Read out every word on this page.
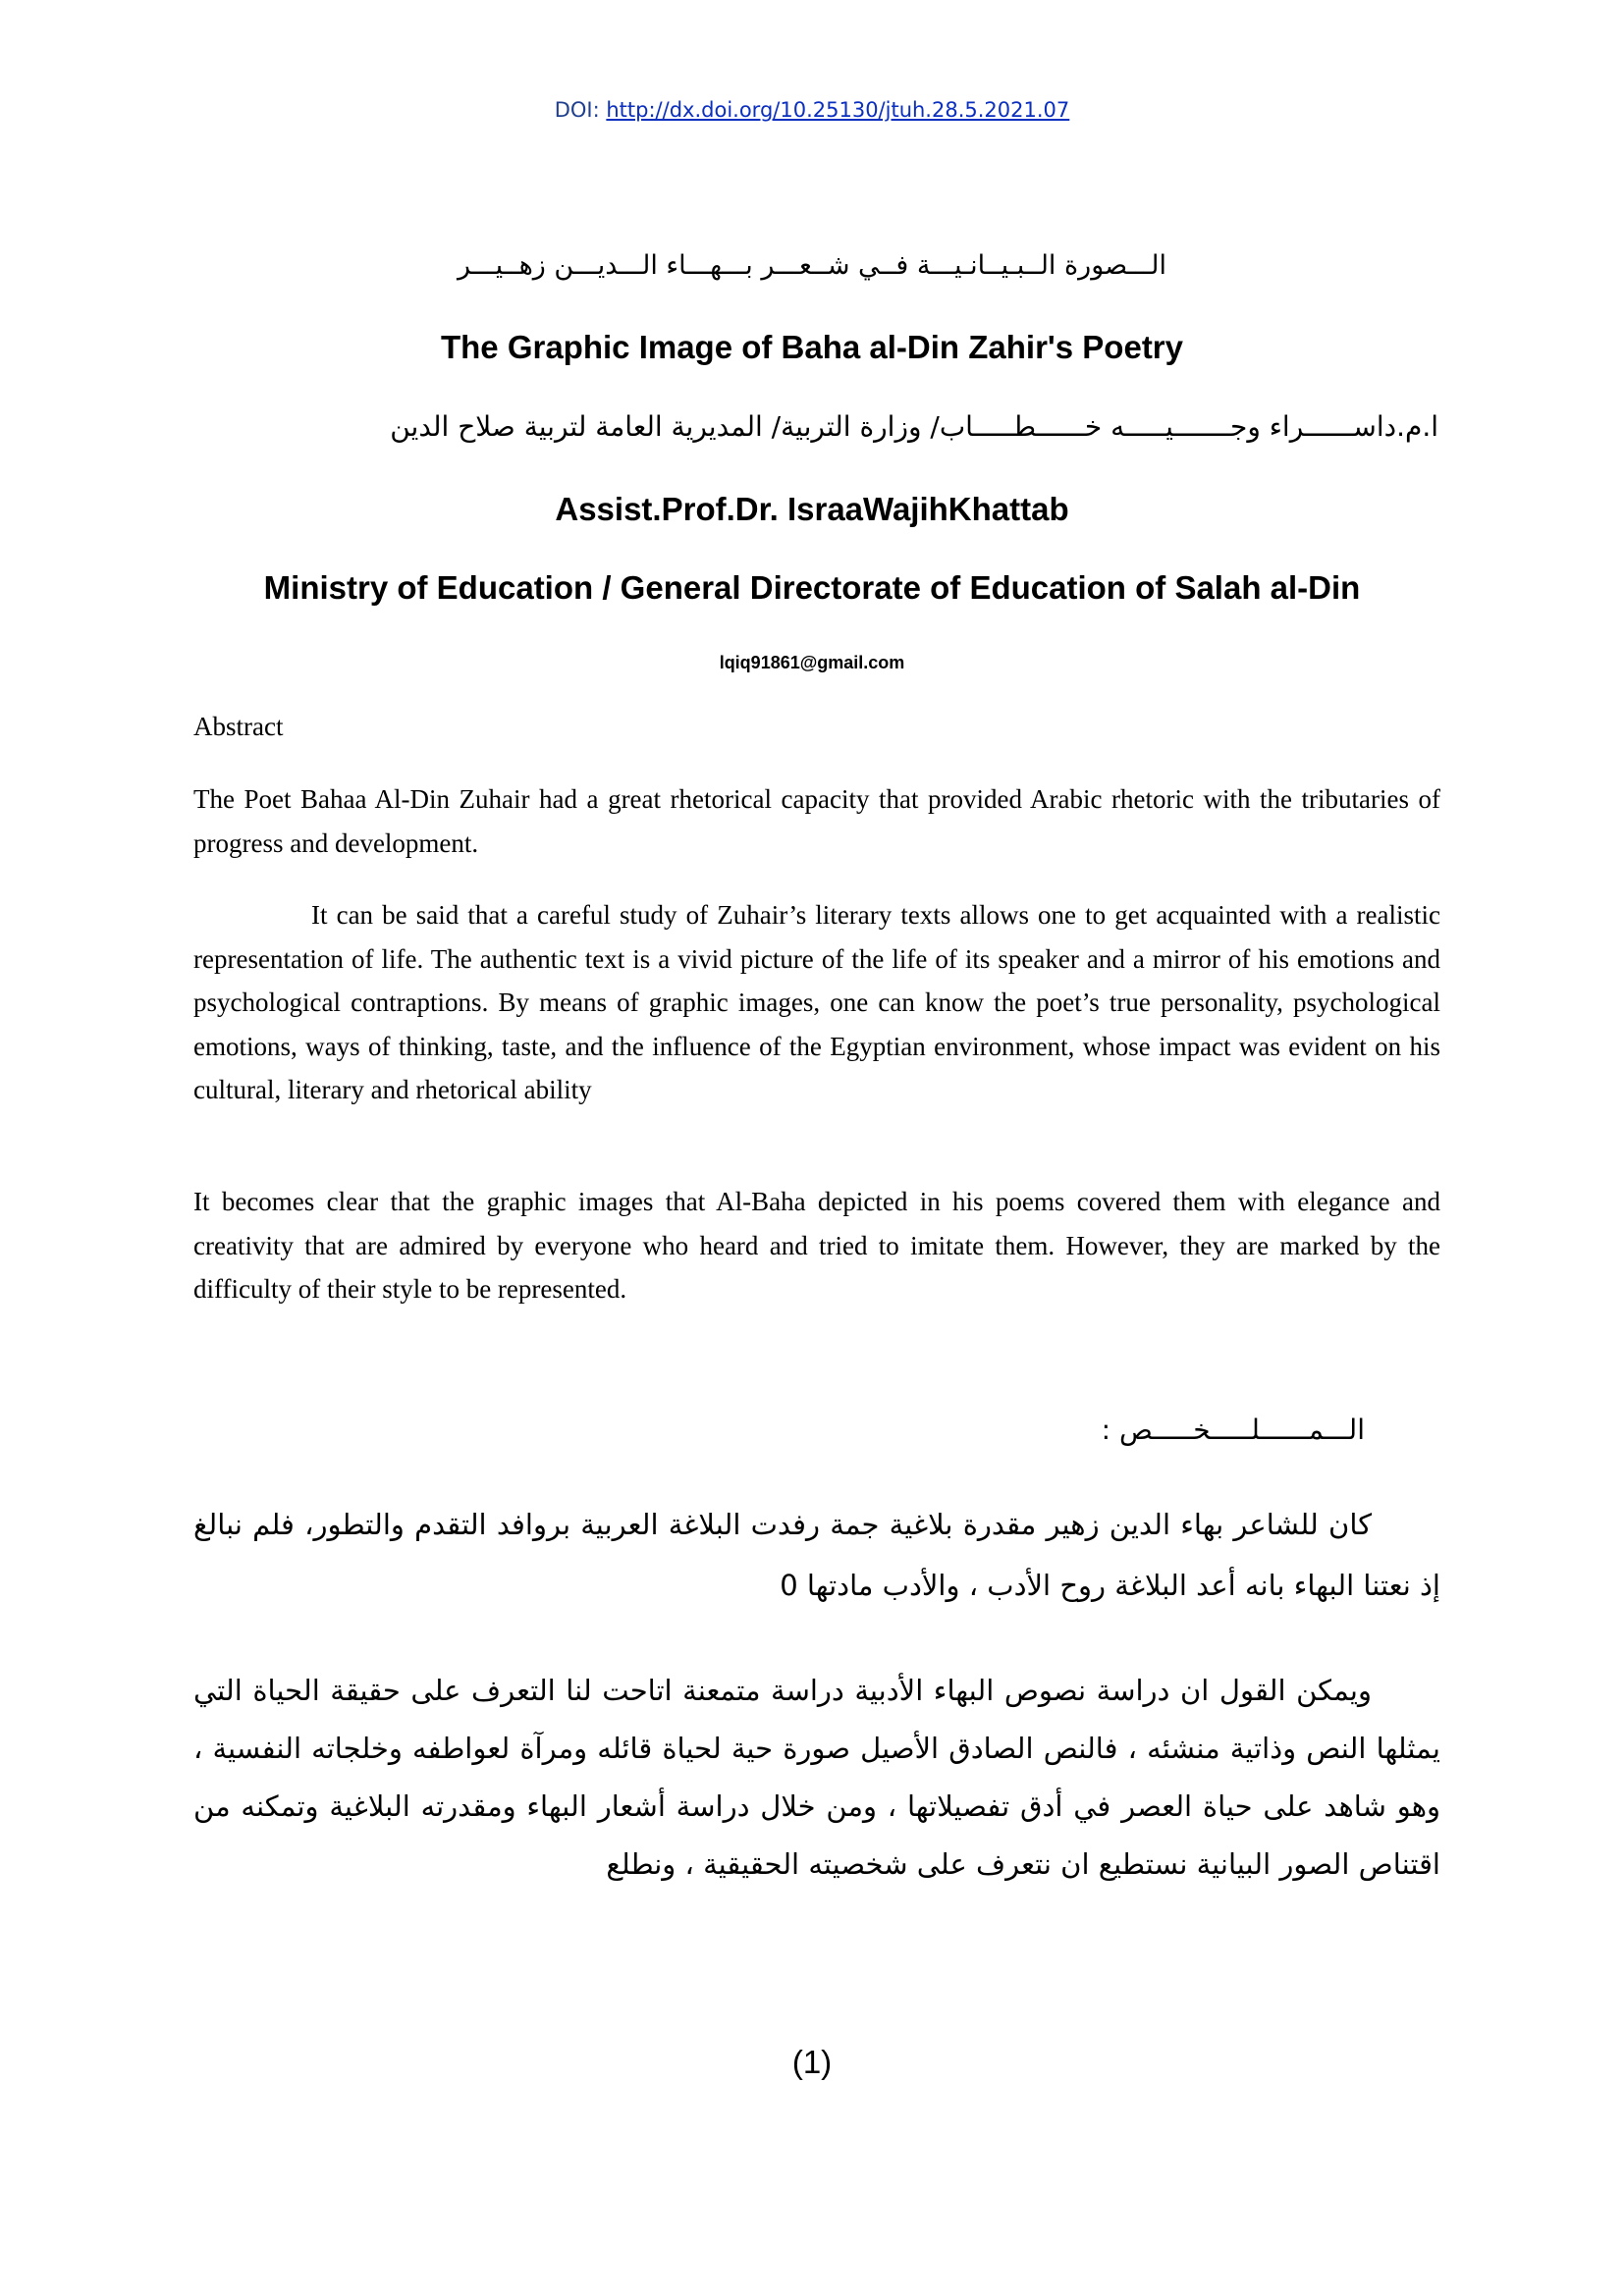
DOI: http://dx.doi.org/10.25130/jtuh.28.5.2021.07
الـــصورة الــبـيــانـيـــة فــي شــعـــر بـــهـــاء الـــديـــن زهــيـــر
The Graphic Image of Baha al-Din Zahir's Poetry
ا.م.داســــــراء وجـــــــيـــــه خــــــطـــــاب/ وزارة التربية/ المديرية العامة لتربية صلاح الدين
Assist.Prof.Dr. IsraaWajihKhattab
Ministry of Education / General Directorate of Education of Salah al-Din
lqiq91861@gmail.com
Abstract

The Poet Bahaa Al-Din Zuhair had a great rhetorical capacity that provided Arabic rhetoric with the tributaries of progress and development.

It can be said that a careful study of Zuhair’s literary texts allows one to get acquainted with a realistic representation of life. The authentic text is a vivid picture of the life of its speaker and a mirror of his emotions and psychological contraptions. By means of graphic images, one can know the poet’s true personality, psychological emotions, ways of thinking, taste, and the influence of the Egyptian environment, whose impact was evident on his cultural, literary and rhetorical ability

It becomes clear that the graphic images that Al-Baha depicted in his poems covered them with elegance and creativity that are admired by everyone who heard and tried to imitate them. However, they are marked by the difficulty of their style to be represented.

الـــمــــــلـــــخـــــص :

كان للشاعر بهاء الدين زهير مقدرة بلاغية جمة رفدت البلاغة العربية بروافد التقدم والتطور، فلم نبالغ إذ نعتنا البهاء بانه أعد البلاغة روح الأدب ، والأدب مادتها 0

ويمكن القول ان دراسة نصوص البهاء الأدبية دراسة متمعنة اتاحت لنا التعرف على حقيقة الحياة التي يمثلها النص وذاتية منشئه ، فالنص الصادق الأصيل صورة حية لحياة قائله ومرآة لعواطفه وخلجاته النفسية ، وهو شاهد على حياة العصر في أدق تفصيلاتها ، ومن خلال دراسة أشعار البهاء ومقدرته البلاغية وتمكنه من اقتناص الصور البيانية نستطيع ان نتعرف على شخصيته الحقيقية ، ونطلع

(1)
